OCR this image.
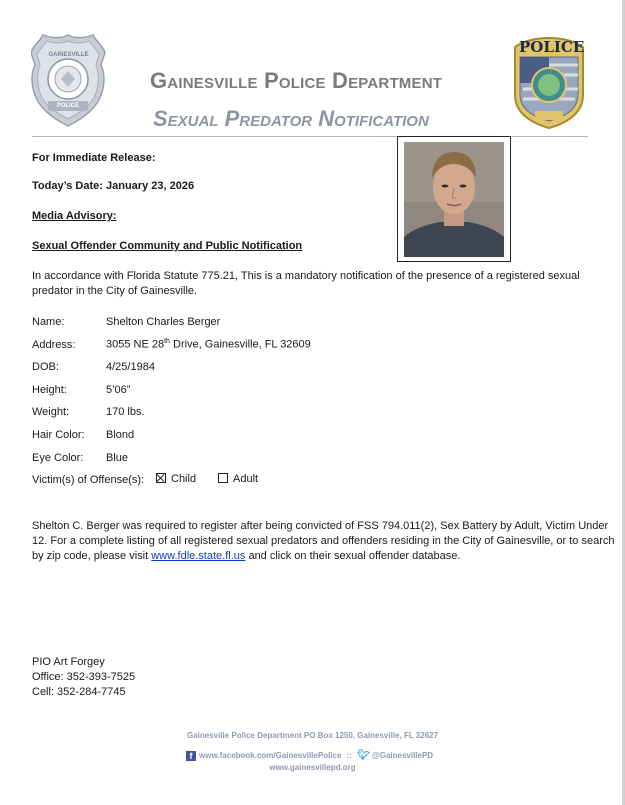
GAINESVILLE
POLICE
POLICE
Gainesville Police Department
Sexual Predator Notification
For Immediate Release:
Today’s Date: January 23, 2026
Media Advisory:
Sexual Offender Community and Public Notification
In accordance with Florida Statute 775.21, This is a mandatory notification of the presence of a registered sexual predator in the City of Gainesville.
Name:	Shelton Charles Berger
Address:	3055 NE 28th Drive, Gainesville, FL 32609
DOB:	4/25/1984
Height:	5’06”
Weight:	170 lbs.
Hair Color: Blond
Eye Color: Blue
Victim(s) of Offense(s):	Child	Adult
Shelton C. Berger was required to register after being convicted of FSS 794.011(2), Sex Battery by Adult, Victim Under 12. For a complete listing of all registered sexual predators and offenders residing in the City of Gainesville, or to search by zip code, please visit www.fdle.state.fl.us and click on their sexual offender database.
PIO Art Forgey
Office: 352-393-7525
Cell: 352-284-7745
Gainesville Police Department PO Box 1250, Gainesville, FL 32627
f www.facebook.com/GainesvillePolice :: 🐦︎ @GainesvillePD
www.gainesvillepd.org
